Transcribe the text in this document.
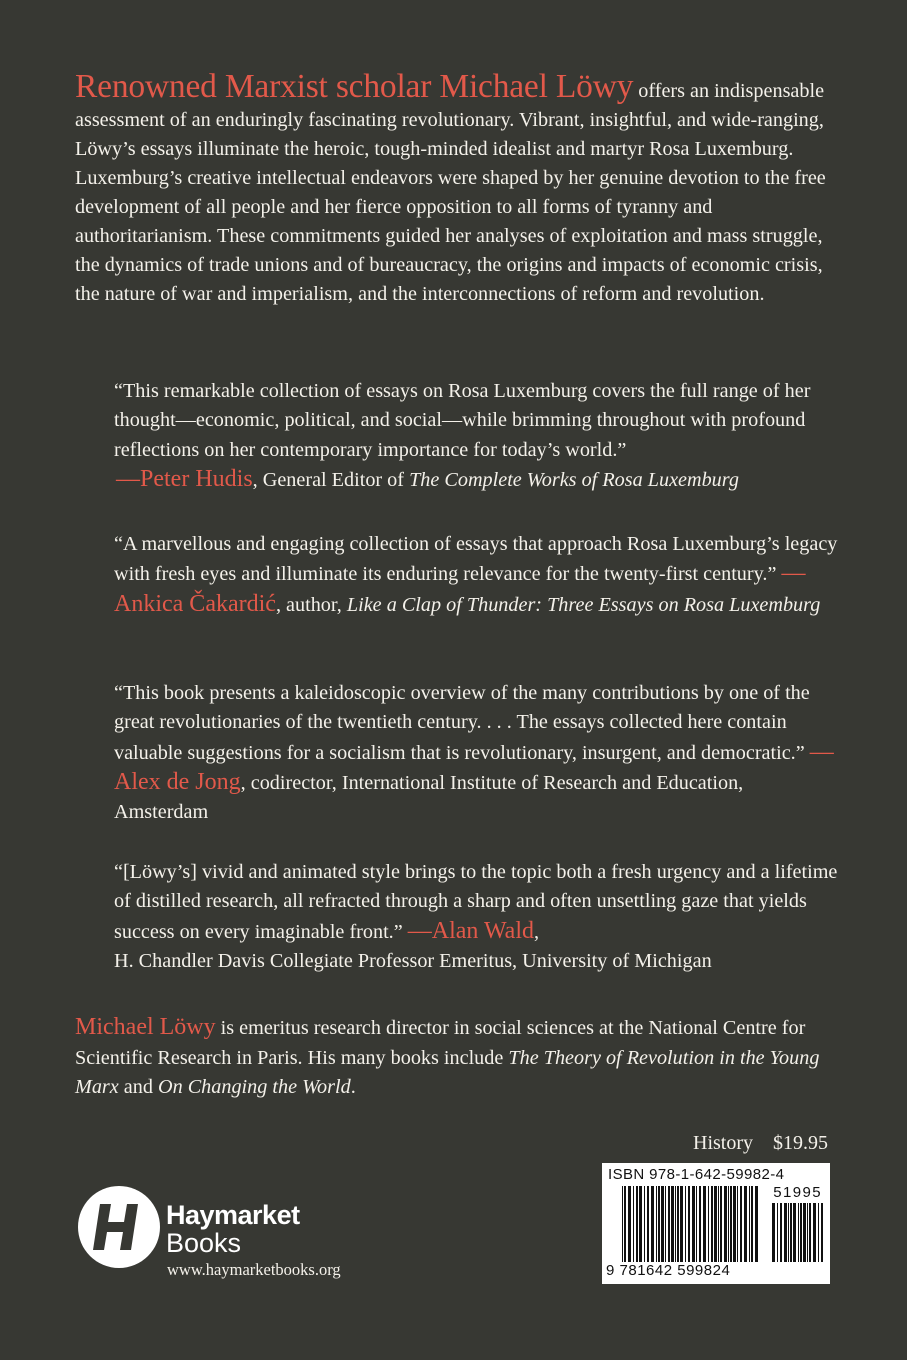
Renowned Marxist scholar Michael Löwy offers an indispensable assessment of an enduringly fascinating revolutionary. Vibrant, insightful, and wide-ranging, Löwy’s essays illuminate the heroic, tough-minded idealist and martyr Rosa Luxemburg. Luxemburg’s creative intellectual endeavors were shaped by her genuine devotion to the free development of all people and her fierce opposition to all forms of tyranny and authoritarianism. These commitments guided her analyses of exploitation and mass struggle, the dynamics of trade unions and of bureaucracy, the origins and impacts of economic crisis, the nature of war and imperialism, and the interconnections of reform and revolution.

“This remarkable collection of essays on Rosa Luxemburg covers the full range of her thought—economic, political, and social—while brimming throughout with profound reflections on her contemporary importance for today’s world.”
—Peter Hudis, General Editor of The Complete Works of Rosa Luxemburg

“A marvellous and engaging collection of essays that approach Rosa Luxemburg’s legacy with fresh eyes and illuminate its enduring relevance for the twenty-first century.” —Ankica Čakardić, author, Like a Clap of Thunder: Three Essays on Rosa Luxemburg

“This book presents a kaleidoscopic overview of the many contributions by one of the great revolutionaries of the twentieth century. . . . The essays collected here contain valuable suggestions for a socialism that is revolutionary, insurgent, and democratic.” —Alex de Jong, codirector, International Institute of Research and Education, Amsterdam

“[Löwy’s] vivid and animated style brings to the topic both a fresh urgency and a lifetime of distilled research, all refracted through a sharp and often unsettling gaze that yields success on every imaginable front.” —Alan Wald,
H. Chandler Davis Collegiate Professor Emeritus, University of Michigan

Michael Löwy is emeritus research director in social sciences at the National Centre for Scientific Research in Paris. His many books include The Theory of Revolution in the Young Marx and On Changing the World.

History $19.95
ISBN 978-1-642-59982-4
51995
9 781642 599824
Haymarket
Books
www.haymarketbooks.org
